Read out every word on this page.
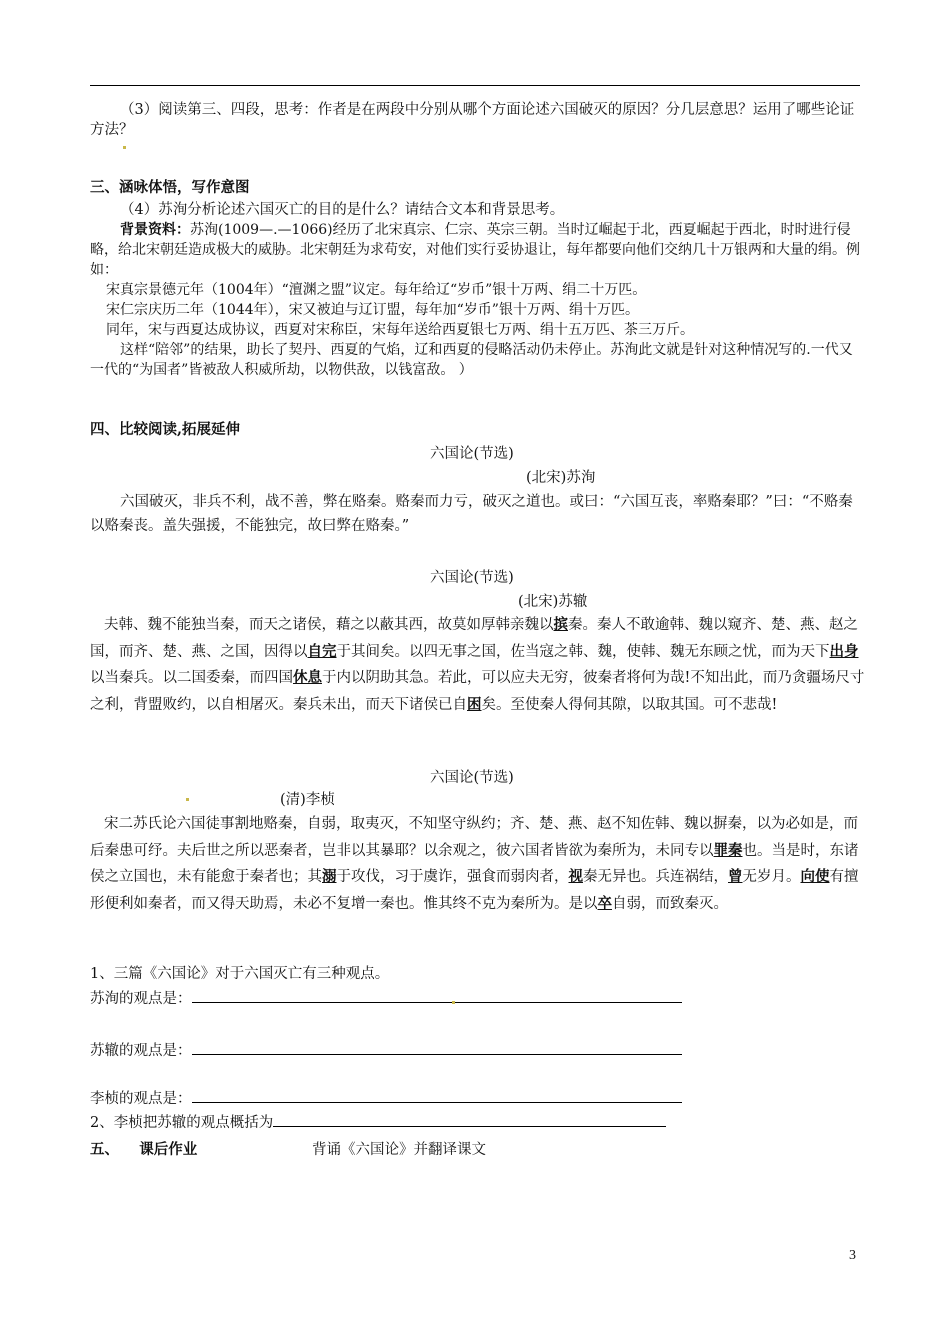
（3）阅读第三、四段，思考：作者是在两段中分别从哪个方面论述六国破灭的原因？分几层意思？运用了哪些论证方法？

三、涵咏体悟，写作意图

（4）苏洵分析论述六国灭亡的目的是什么？请结合文本和背景思考。

背景资料：苏洵(1009—.—1066)经历了北宋真宗、仁宗、英宗三朝。当时辽崛起于北，西夏崛起于西北，时时进行侵略，给北宋朝廷造成极大的威胁。北宋朝廷为求苟安，对他们实行妥协退让，每年都要向他们交纳几十万银两和大量的绢。例如：

宋真宗景德元年（1004年）“澶渊之盟”议定。每年给辽“岁币”银十万两、绢二十万匹。

宋仁宗庆历二年（1044年），宋又被迫与辽订盟，每年加“岁币”银十万两、绢十万匹。

同年，宋与西夏达成协议，西夏对宋称臣，宋每年送给西夏银七万两、绢十五万匹、茶三万斤。

这样“陪邻”的结果，助长了契丹、西夏的气焰，辽和西夏的侵略活动仍未停止。苏洵此文就是针对这种情况写的.一代又一代的“为国者”皆被敌人积威所劫，以物供敌，以钱富敌。 ）

四、比较阅读,拓展延伸

六国论(节选)

(北宋)苏洵

六国破灭，非兵不利，战不善，弊在赂秦。赂秦而力亏，破灭之道也。或曰：“六国互丧，率赂秦耶？”曰：“不赂秦以赂秦丧。盖失强援，不能独完，故曰弊在赂秦。”

六国论(节选)

(北宋)苏辙

夫韩、魏不能独当秦，而天之诸侯，藉之以蔽其西，故莫如厚韩亲魏以摈秦。秦人不敢逾韩、魏以窥齐、楚、燕、赵之国，而齐、楚、燕、之国，因得以自完于其间矣。以四无事之国，佐当寇之韩、魏，使韩、魏无东顾之忧，而为天下出身以当秦兵。以二国委秦，而四国休息于内以阴助其急。若此，可以应夫无穷，彼秦者将何为哉!不知出此，而乃贪疆场尺寸之利，背盟败约，以自相屠灭。秦兵未出，而天下诸侯已自困矣。至使秦人得伺其隙，以取其国。可不悲哉!

六国论(节选)

(清)李桢

宋二苏氏论六国徒事割地赂秦，自弱，取夷灭，不知坚守纵约；齐、楚、燕、赵不知佐韩、魏以摒秦，以为必如是，而后秦患可纾。夫后世之所以恶秦者，岂非以其暴耶？以余观之，彼六国者皆欲为秦所为，未同专以罪秦也。当是时，东诸侯之立国也，未有能愈于秦者也；其溺于攻伐，习于虞诈，强食而弱肉者，视秦无异也。兵连祸结，曾无岁月。向使有擅形便利如秦者，而又得天助焉，未必不复增一秦也。惟其终不克为秦所为。是以卒自弱，而致秦灭。

1、三篇《六国论》对于六国灭亡有三种观点。

苏洵的观点是：

苏辙的观点是：

李桢的观点是：

2、李桢把苏辙的观点概括为

五、    课后作业	背诵《六国论》并翻译课文

3
